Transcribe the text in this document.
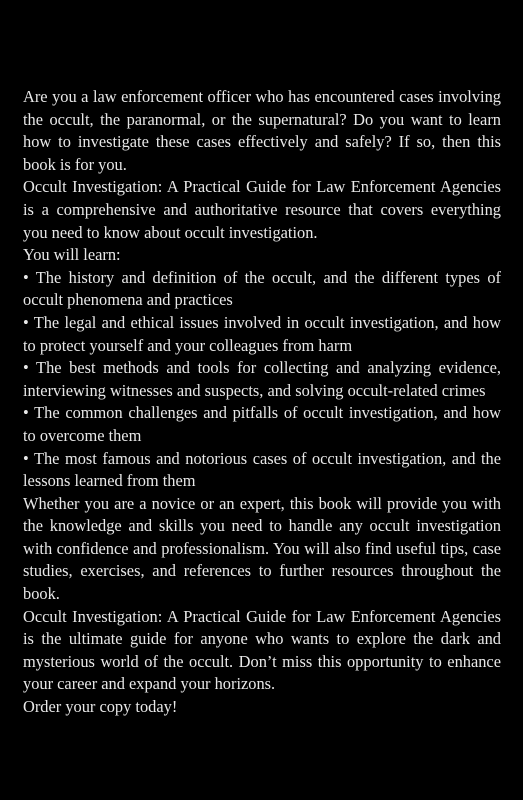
Are you a law enforcement officer who has encountered cases involving the occult, the paranormal, or the supernatural? Do you want to learn how to investigate these cases effectively and safely? If so, then this book is for you.

Occult Investigation: A Practical Guide for Law Enforcement Agencies is a comprehensive and authoritative resource that covers everything you need to know about occult investigation.

You will learn:

• The history and definition of the occult, and the different types of occult phenomena and practices
• The legal and ethical issues involved in occult investigation, and how to protect yourself and your colleagues from harm
• The best methods and tools for collecting and analyzing evidence, interviewing witnesses and suspects, and solving occult-related crimes
• The common challenges and pitfalls of occult investigation, and how to overcome them
• The most famous and notorious cases of occult investigation, and the lessons learned from them

Whether you are a novice or an expert, this book will provide you with the knowledge and skills you need to handle any occult investigation with confidence and professionalism. You will also find useful tips, case studies, exercises, and references to further resources throughout the book.

Occult Investigation: A Practical Guide for Law Enforcement Agencies is the ultimate guide for anyone who wants to explore the dark and mysterious world of the occult. Don’t miss this opportunity to enhance your career and expand your horizons.

Order your copy today!
